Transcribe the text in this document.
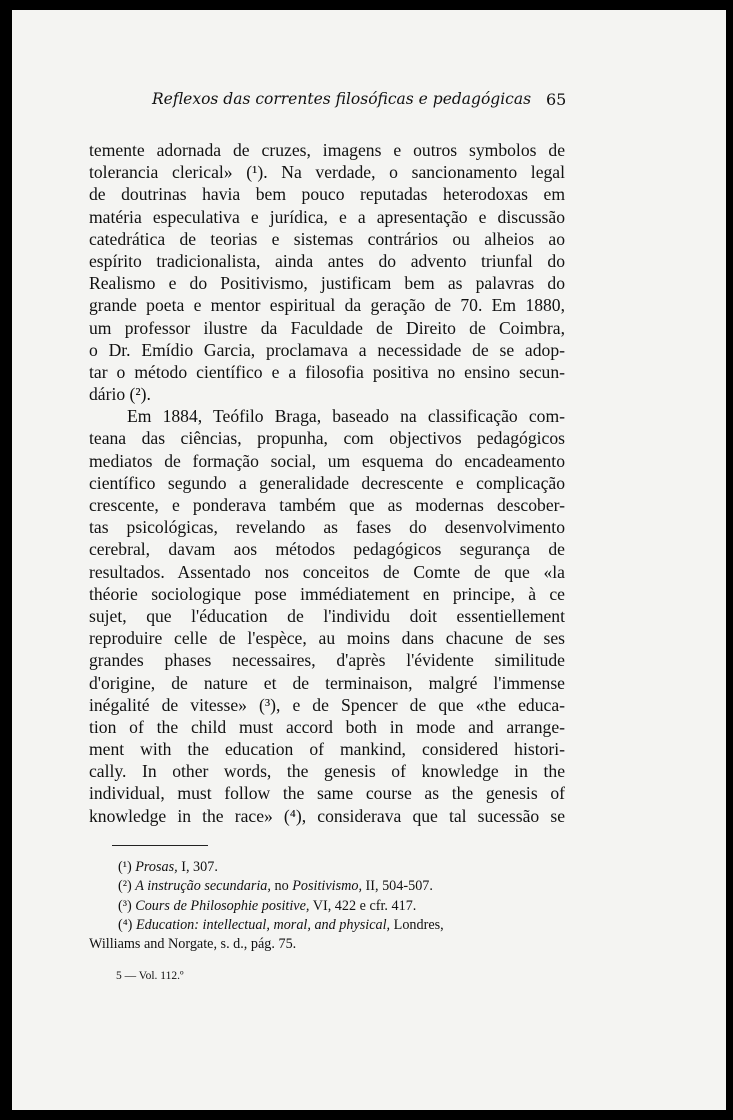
Reflexos das correntes filosóficas e pedagógicas 65
temente adornada de cruzes, imagens e outros symbolos de
tolerancia clerical» (¹). Na verdade, o sancionamento legal
de doutrinas havia bem pouco reputadas heterodoxas em
matéria especulativa e jurídica, e a apresentação e discussão
catedrática de teorias e sistemas contrários ou alheios ao
espírito tradicionalista, ainda antes do advento triunfal do
Realismo e do Positivismo, justificam bem as palavras do
grande poeta e mentor espiritual da geração de 70. Em 1880,
um professor ilustre da Faculdade de Direito de Coimbra,
o Dr. Emídio Garcia, proclamava a necessidade de se adop-
tar o método científico e a filosofia positiva no ensino secun-
dário (²).
Em 1884, Teófilo Braga, baseado na classificação com-
teana das ciências, propunha, com objectivos pedagógicos
mediatos de formação social, um esquema do encadeamento
científico segundo a generalidade decrescente e complicação
crescente, e ponderava também que as modernas descober-
tas psicológicas, revelando as fases do desenvolvimento
cerebral, davam aos métodos pedagógicos segurança de
resultados. Assentado nos conceitos de Comte de que «la
théorie sociologique pose immédiatement en principe, à ce
sujet, que l'éducation de l'individu doit essentiellement
reproduire celle de l'espèce, au moins dans chacune de ses
grandes phases necessaires, d'après l'évidente similitude
d'origine, de nature et de terminaison, malgré l'immense
inégalité de vitesse» (³), e de Spencer de que «the educa-
tion of the child must accord both in mode and arrange-
ment with the education of mankind, considered histori-
cally. In other words, the genesis of knowledge in the
individual, must follow the same course as the genesis of
knowledge in the race» (⁴), considerava que tal sucessão se
(¹) Prosas, I, 307.
(²) A instrução secundaria, no Positivismo, II, 504-507.
(³) Cours de Philosophie positive, VI, 422 e cfr. 417.
(⁴) Education: intellectual, moral, and physical, Londres,
Williams and Norgate, s. d., pág. 75.
5 — Vol. 112.º
